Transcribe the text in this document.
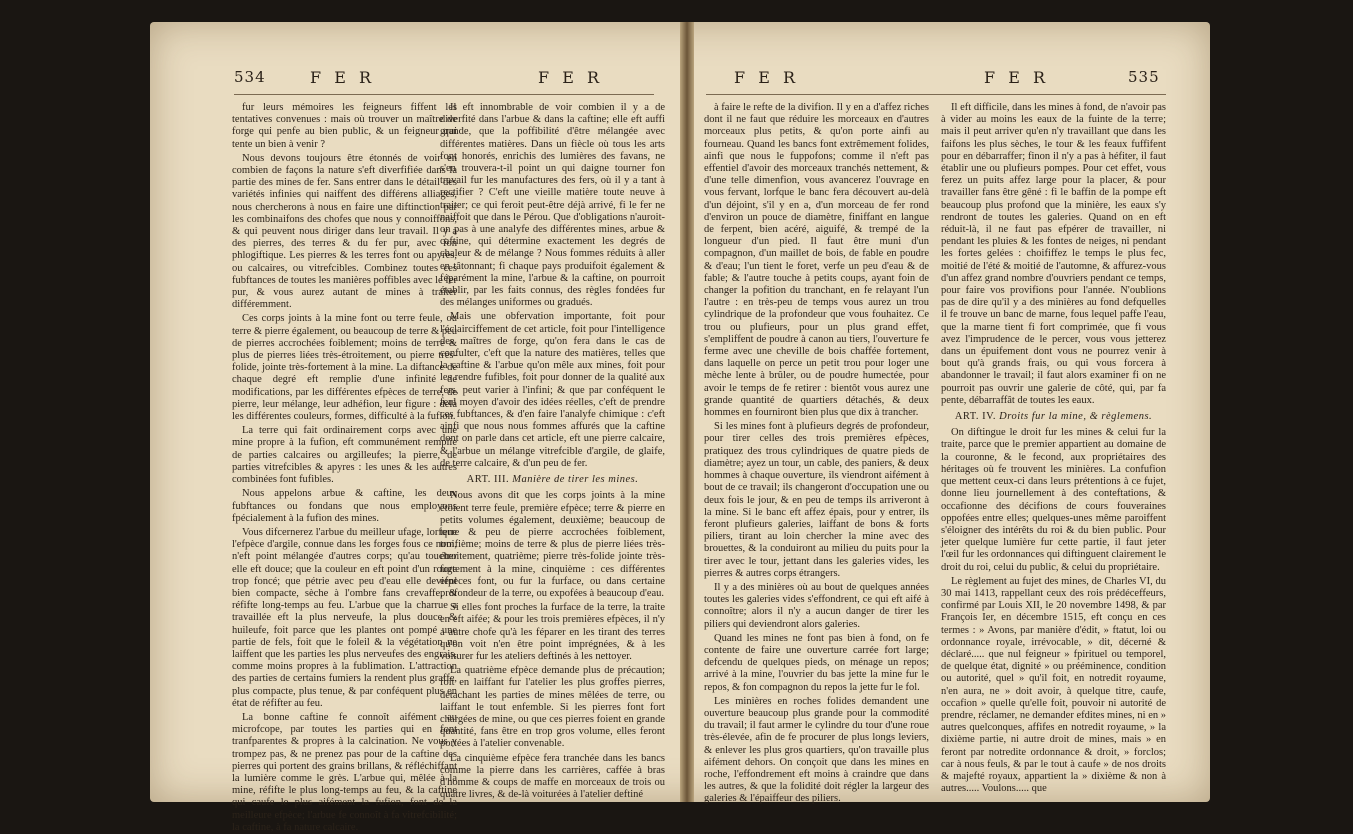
534	F E R	F E R

fur leurs mémoires les feigneurs fiffent les tentatives convenues : mais où trouver un maître de forge qui penfe au bien public, & un feigneur qui tente un bien à venir ?

Nous devons toujours être étonnés de voir en combien de façons la nature s'eft diverfifiée dans la partie des mines de fer. Sans entrer dans le détail des variétés infinies qui naiffent des différens alliages, nous chercherons à nous en faire une diftinction par les combinaifons des chofes que nous y connoiffons, & qui peuvent nous diriger dans leur travail. Il y a des pierres, des terres & du fer pur, avec fon phlogiftique. Les pierres & les terres font ou apyres, ou calcaires, ou vitrefcibles. Combinez toutes ces fubftances de toutes les manières poffibles avec le fer pur, & vous aurez autant de mines à traiter différemment.

Ces corps joints à la mine font ou terre feule, ou terre & pierre également, ou beaucoup de terre & peu de pierres accrochées foiblement; moins de terre & plus de pierres liées très-étroitement, ou pierre très-folide, jointe très-fortement à la mine. La diftance de chaque degré eft remplie d'une infinité de modifications, par les différentes efpèces de terre, de pierre, leur mélange, leur adhéfion, leur figure : delà les différentes couleurs, formes, difficulté à la fufion.

La terre qui fait ordinairement corps avec une mine propre à la fufion, eft communément remplie de parties calcaires ou argilleufes; la pierre, de parties vitrefcibles & apyres : les unes & les autres combinées font fufibles.

Nous appelons arbue & caftine, les deux fubftances ou fondans que nous employons fpécialement à la fufion des mines.

Vous difcernerez l'arbue du meilleur ufage, lorfque l'efpèce d'argile, connue dans les forges fous ce nom, n'eft point mélangée d'autres corps; qu'au toucher elle eft douce; que la couleur en eft point d'un rouge trop foncé; que pétrie avec peu d'eau elle devient bien compacte, sèche à l'ombre fans crevaffe, & réfifte long-temps au feu. L'arbue que la charrue a travaillée eft la plus nerveufe, la plus douce & huileufe, foit parce que les plantes ont pompé une partie de fels, foit que le foleil & la végétation ne laiffent que les parties les plus nerveufes des engrais, comme moins propres à la fublimation. L'attraction des parties de certains fumiers la rendent plus graffe, plus compacte, plus tenue, & par conféquent plus en état de réfifter au feu.

La bonne caftine fe connoît aifément au microfcope, par toutes les parties qui en font tranfparentes & propres à la calcination. Ne vous y trompez pas, & ne prenez pas pour de la caftine des pierres qui portent des grains brillans, & réfléchiffant la lumière comme le grès. L'arbue qui, mêlée à la mine, réfifte le plus long-temps au feu, & la caftine qui caufe le plus aifément la fufion, font de la meilleure efpèce; l'arbue fe connoît à fa vitrefcibilité; la caftine, à fa nature calcaire.

Il eft innombrable de voir combien il y a de diverfité dans l'arbue & dans la caftine; elle eft auffi grande, que la poffibilité d'être mélangée avec différentes matières. Dans un fiècle où tous les arts font honorés, enrichis des lumières des favans, ne s'en trouvera-t-il point un qui daigne tourner fon travail fur les manufactures des fers, où il y a tant à rectifier ? C'eft une vieille matière toute neuve à traiter; ce qui feroit peut-être déjà arrivé, fi le fer ne naiffoit que dans le Pérou. Que d'obligations n'auroit-on pas à une analyfe des différentes mines, arbue & caftine, qui détermine exactement les degrés de chaleur & de mélange ? Nous fommes réduits à aller en tâtonnant; fi chaque pays produifoit également & féparément la mine, l'arbue & la caftine, on pourroit établir, par les faits connus, des règles fondées fur des mélanges uniformes ou gradués.

Mais une obfervation importante, foit pour l'éclairciffement de cet article, foit pour l'intelligence des maîtres de forge, qu'on fera dans le cas de confulter, c'eft que la nature des matières, telles que la caftine & l'arbue qu'on mêle aux mines, foit pour les rendre fufibles, foit pour donner de la qualité aux fers, peut varier à l'infini; & que par conféquent le feul moyen d'avoir des idées réelles, c'eft de prendre ces fubftances, & d'en faire l'analyfe chimique : c'eft ainfi que nous nous fommes affurés que la caftine dont on parle dans cet article, eft une pierre calcaire, & l'arbue un mélange vitrefcible d'argile, de glaife, de terre calcaire, & d'un peu de fer.

ART. III. Manière de tirer les mines.

Nous avons dit que les corps joints à la mine étoient terre feule, première efpèce; terre & pierre en petits volumes également, deuxième; beaucoup de terre & peu de pierre accrochées foiblement, troifième; moins de terre & plus de pierre liées très-étroitement, quatrième; pierre très-folide jointe très-fortement à la mine, cinquième : ces différentes efpèces font, ou fur la furface, ou dans certaine profondeur de la terre, ou expofées à beaucoup d'eau.

Si elles font proches la furface de la terre, la traite en eft aifée; & pour les trois premières efpèces, il n'y a autre chofe qu'à les féparer en les tirant des terres qu'on voit n'en être point imprégnées, & à les voiturer fur les ateliers deftinés à les nettoyer.

La quatrième efpèce demande plus de précaution; foit en laiffant fur l'atelier les plus groffes pierres, détachant les parties de mines mêlées de terre, ou laiffant le tout enfemble. Si les pierres font fort chargées de mine, ou que ces pierres foient en grande quantité, fans être en trop gros volume, elles feront portées à l'atelier convenable.

La cinquième efpèce fera tranchée dans les bancs comme la pierre dans les carrières, caffée à bras d'homme & coups de maffe en morceaux de trois ou quatre livres, & de-là voiturées à l'atelier deftiné

F E R	F E R	535

à faire le refte de la divifion. Il y en a d'affez riches dont il ne faut que réduire les morceaux en d'autres morceaux plus petits, & qu'on porte ainfi au fourneau. Quand les bancs font extrêmement folides, ainfi que nous le fuppofons; comme il n'eft pas effentiel d'avoir des morceaux tranchés nettement, & d'une telle dimenfion, vous avancerez l'ouvrage en vous fervant, lorfque le banc fera découvert au-delà d'un déjoint, s'il y en a, d'un morceau de fer rond d'environ un pouce de diamètre, finiffant en langue de ferpent, bien acéré, aiguifé, & trempé de la longueur d'un pied. Il faut être muni d'un compagnon, d'un maillet de bois, de fable en poudre & d'eau; l'un tient le foret, verfe un peu d'eau & de fable; & l'autre touche à petits coups, ayant foin de changer la pofition du tranchant, en fe relayant l'un l'autre : en très-peu de temps vous aurez un trou cylindrique de la profondeur que vous fouhaitez. Ce trou ou plufieurs, pour un plus grand effet, s'empliffent de poudre à canon au tiers, l'ouverture fe ferme avec une cheville de bois chaffée fortement, dans laquelle on perce un petit trou pour loger une mèche lente à brûler, ou de poudre humectée, pour avoir le temps de fe retirer : bientôt vous aurez une grande quantité de quartiers détachés, & deux hommes en fourniront bien plus que dix à trancher.

Si les mines font à plufieurs degrés de profondeur, pour tirer celles des trois premières efpèces, pratiquez des trous cylindriques de quatre pieds de diamètre; ayez un tour, un cable, des paniers, & deux hommes à chaque ouverture, ils viendront aifément à bout de ce travail; ils changeront d'occupation une ou deux fois le jour, & en peu de temps ils arriveront à la mine. Si le banc eft affez épais, pour y entrer, ils feront plufieurs galeries, laiffant de bons & forts piliers, tirant au loin chercher la mine avec des brouettes, & la conduiront au milieu du puits pour la tirer avec le tour, jettant dans les galeries vides, les pierres & autres corps étrangers.

Il y a des minières où au bout de quelques années toutes les galeries vides s'effondrent, ce qui eft aifé à connoître; alors il n'y a aucun danger de tirer les piliers qui deviendront alors galeries.

Quand les mines ne font pas bien à fond, on fe contente de faire une ouverture carrée fort large; defcendu de quelques pieds, on ménage un repos; arrivé à la mine, l'ouvrier du bas jette la mine fur le repos, & fon compagnon du repos la jette fur le fol.

Les minières en roches folides demandent une ouverture beaucoup plus grande pour la commodité du travail; il faut armer le cylindre du tour d'une roue très-élevée, afin de fe procurer de plus longs leviers, & enlever les plus gros quartiers, qu'on travaille plus aifément dehors. On conçoit que dans les mines en roche, l'effondrement eft moins à craindre que dans les autres, & que la folidité doit régler la largeur des galeries & l'épaiffeur des piliers.

Il eft difficile, dans les mines à fond, de n'avoir pas à vider au moins les eaux de la fuinte de la terre; mais il peut arriver qu'en n'y travaillant que dans les faifons les plus sèches, le tour & les feaux fuffifent pour en débarraffer; finon il n'y a pas à héfiter, il faut établir une ou plufieurs pompes. Pour cet effet, vous ferez un puits affez large pour la placer, & pour travailler fans être gêné : fi le baffin de la pompe eft beaucoup plus profond que la minière, les eaux s'y rendront de toutes les galeries. Quand on en eft réduit-là, il ne faut pas efpérer de travailler, ni pendant les pluies & les fontes de neiges, ni pendant les fortes gelées : choififfez le temps le plus fec, moitié de l'été & moitié de l'automne, & affurez-vous d'un affez grand nombre d'ouvriers pendant ce temps, pour faire vos provifions pour l'année. N'oublions pas de dire qu'il y a des minières au fond defquelles il fe trouve un banc de marne, fous lequel paffe l'eau, que la marne tient fi fort comprimée, que fi vous avez l'imprudence de le percer, vous vous jetterez dans un épuifement dont vous ne pourrez venir à bout qu'à grands frais, ou qui vous forcera à abandonner le travail; il faut alors examiner fi on ne pourroit pas ouvrir une galerie de côté, qui, par fa pente, débarraffât de toutes les eaux.

ART. IV. Droits fur la mine, & règlemens.

On diftingue le droit fur les mines & celui fur la traite, parce que le premier appartient au domaine de la couronne, & le fecond, aux propriétaires des héritages où fe trouvent les minières. La confufion que mettent ceux-ci dans leurs prétentions à ce fujet, donne lieu journellement à des conteftations, & occafionne des décifions de cours fouveraines oppofées entre elles; quelques-unes même paroiffent s'éloigner des intérêts du roi & du bien public. Pour jeter quelque lumière fur cette partie, il faut jeter l'œil fur les ordonnances qui diftinguent clairement le droit du roi, celui du public, & celui du propriétaire.

Le règlement au fujet des mines, de Charles VI, du 30 mai 1413, rappellant ceux des rois prédéceffeurs, confirmé par Louis XII, le 20 novembre 1498, & par François Ier, en décembre 1515, eft conçu en ces termes : » Avons, par manière d'édit, » ftatut, loi ou ordonnance royale, irrévocable, » dit, décerné & déclaré..... que nul feigneur » fpirituel ou temporel, de quelque état, dignité » ou prééminence, condition ou autorité, quel » qu'il foit, en notredit royaume, n'en aura, ne » doit avoir, à quelque titre, caufe, occafion » quelle qu'elle foit, pouvoir ni autorité de prendre, réclamer, ne demander efdites mines, ni en » autres quelconques, affifes en notredit royaume, » la dixième partie, ni autre droit de mines, mais » en feront par notredite ordonnance & droit, » forclos; car à nous feuls, & par le tout à caufe » de nos droits & majefté royaux, appartient la » dixième & non à autres..... Voulons..... que
